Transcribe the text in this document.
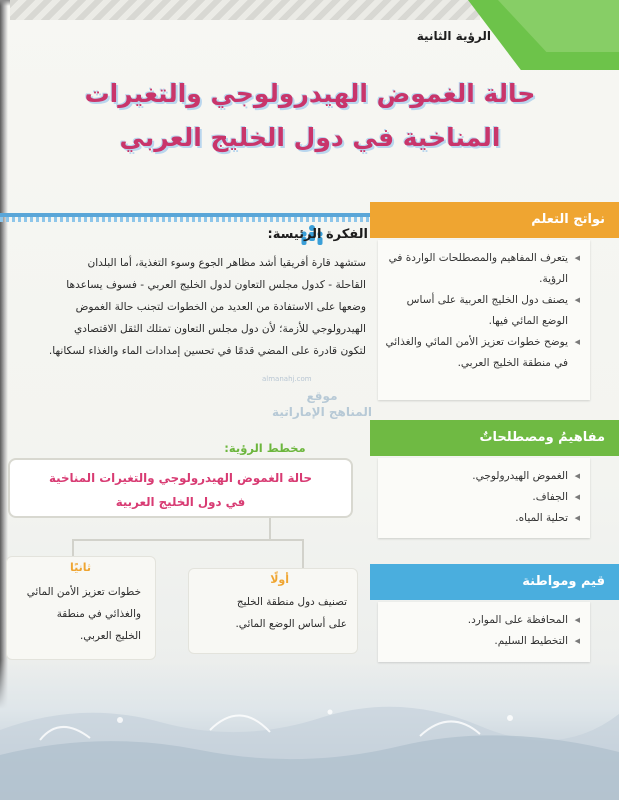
الرؤية الثانية
حالة الغموض الهيدرولوجي والتغيرات
المناخية في دول الخليج العربي
الفكرة الرئيسة:
ستشهد قارة أفريقيا أشد مظاهر الجوع وسوء التغذية، أما البلدان
القاحلة - كدول مجلس التعاون لدول الخليج العربي - فسوف يساعدها
وضعها على الاستفادة من العديد من الخطوات لتجنب حالة الغموض
الهيدرولوجي للأزمة؛ لأن دول مجلس التعاون تمتلك الثقل الاقتصادي
لتكون قادرة على المضي قدمًا في تحسين إمدادات الماء والغذاء لسكانها.
almanahj.com
موقع
المناهج الإماراتية
مخطط الرؤية:
حالة الغموض الهيدرولوجي والتغيرات المناخية
في دول الخليج العربية
أولًا
تصنيف دول منطقة الخليج
على أساس الوضع المائي.
ثانيًا
خطوات تعزيز الأمن المائي
والغذائي في منطقة
الخليج العربي.
نواتج التعلم
◀ يتعرف المفاهيم والمصطلحات الواردة في الرؤية.
◀ يصنف دول الخليج العربية على أساس الوضع المائي فيها.
◀ يوضح خطوات تعزيز الأمن المائي والغذائي في منطقة الخليج العربي.
مفاهيمُ ومصطلحاتٌ
◀ الغموض الهيدرولوجي.
◀ الجفاف.
◀ تحلية المياه.
قيم ومواطنة
◀ المحافظة على الموارد.
◀ التخطيط السليم.
